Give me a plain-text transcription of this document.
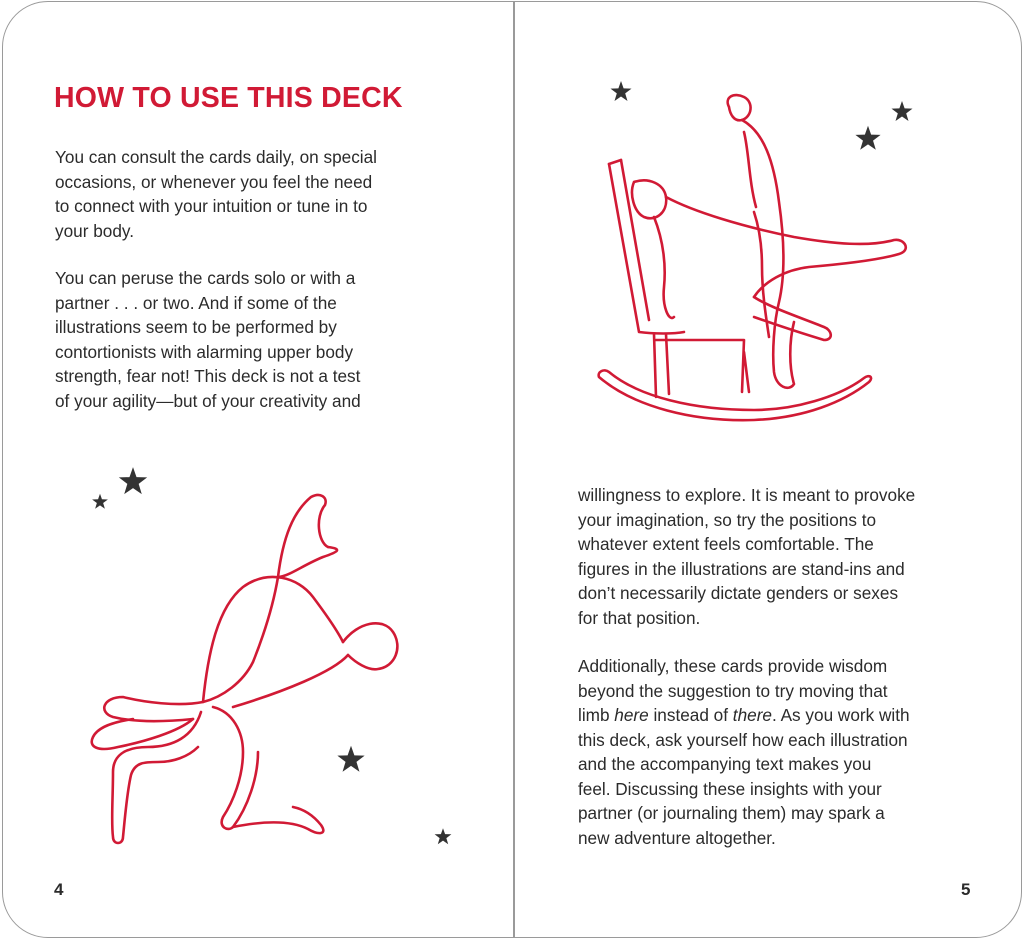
HOW TO USE THIS DECK

You can consult the cards daily, on special
occasions, or whenever you feel the need
to connect with your intuition or tune in to
your body.

You can peruse the cards solo or with a
partner . . . or two. And if some of the
illustrations seem to be performed by
contortionists with alarming upper body
strength, fear not! This deck is not a test
of your agility—but of your creativity and

4

willingness to explore. It is meant to provoke
your imagination, so try the positions to
whatever extent feels comfortable. The
figures in the illustrations are stand-ins and
don’t necessarily dictate genders or sexes
for that position.

Additionally, these cards provide wisdom
beyond the suggestion to try moving that
limb here instead of there. As you work with
this deck, ask yourself how each illustration
and the accompanying text makes you
feel. Discussing these insights with your
partner (or journaling them) may spark a
new adventure altogether.

5
